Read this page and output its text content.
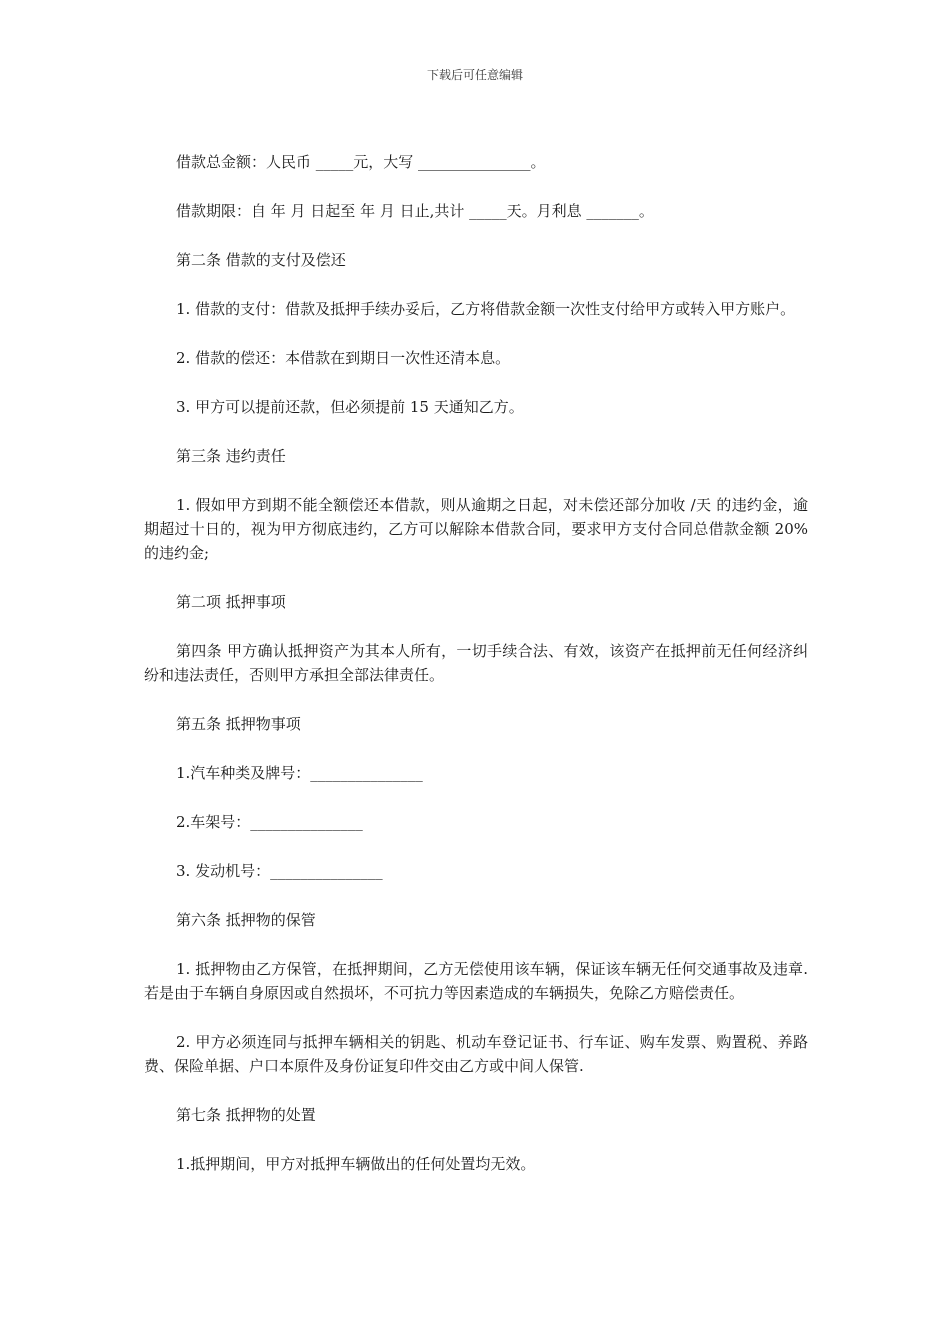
下载后可任意编辑

借款总金额：人民币 _____元，大写 _______________。

借款期限：自 年 月 日起至 年 月 日止,共计 _____天。月利息 _______。

第二条 借款的支付及偿还

1. 借款的支付：借款及抵押手续办妥后，乙方将借款金额一次性支付给甲方或转入甲方账户。

2. 借款的偿还：本借款在到期日一次性还清本息。

3. 甲方可以提前还款，但必须提前 15 天通知乙方。

第三条 违约责任

1. 假如甲方到期不能全额偿还本借款，则从逾期之日起，对未偿还部分加收 /天 的违约金，逾期超过十日的，视为甲方彻底违约，乙方可以解除本借款合同，要求甲方支付合同总借款金额 20%的违约金;

第二项 抵押事项

第四条 甲方确认抵押资产为其本人所有，一切手续合法、有效，该资产在抵押前无任何经济纠纷和违法责任，否则甲方承担全部法律责任。

第五条 抵押物事项

1.汽车种类及牌号：_______________

2.车架号：_______________

3. 发动机号：_______________

第六条 抵押物的保管

1. 抵押物由乙方保管，在抵押期间，乙方无偿使用该车辆，保证该车辆无任何交通事故及违章.若是由于车辆自身原因或自然损坏，不可抗力等因素造成的车辆损失，免除乙方赔偿责任。

2. 甲方必须连同与抵押车辆相关的钥匙、机动车登记证书、行车证、购车发票、购置税、养路费、保险单据、户口本原件及身份证复印件交由乙方或中间人保管.

第七条 抵押物的处置

1.抵押期间，甲方对抵押车辆做出的任何处置均无效。
